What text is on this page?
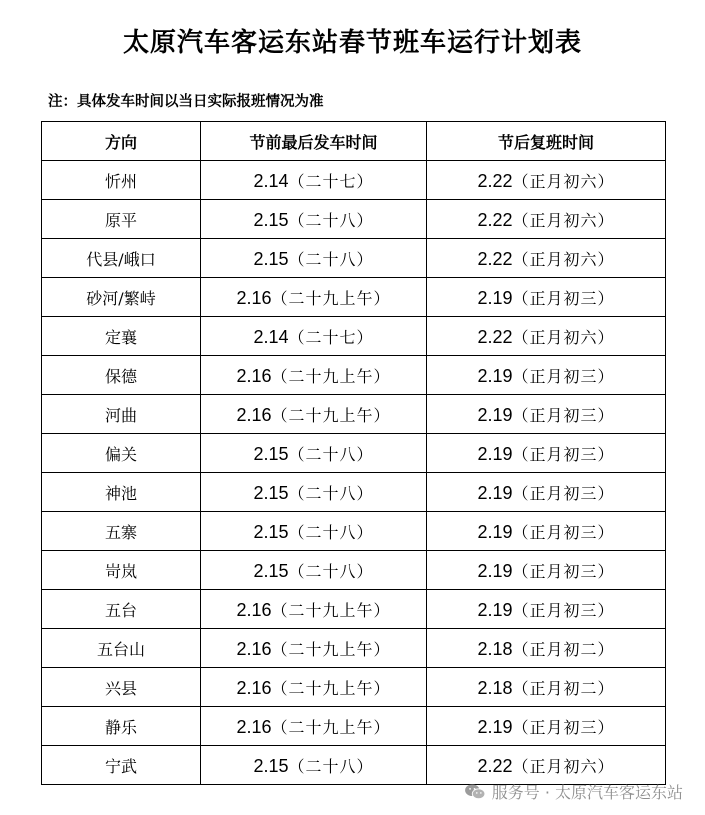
太原汽车客运东站春节班车运行计划表
注：具体发车时间以当日实际报班情况为准
方向	节前最后发车时间	节后复班时间
忻州	2.14（二十七）	2.22（正月初六）
原平	2.15（二十八）	2.22（正月初六）
代县/峨口	2.15（二十八）	2.22（正月初六）
砂河/繁峙	2.16（二十九上午）	2.19（正月初三）
定襄	2.14（二十七）	2.22（正月初六）
保德	2.16（二十九上午）	2.19（正月初三）
河曲	2.16（二十九上午）	2.19（正月初三）
偏关	2.15（二十八）	2.19（正月初三）
神池	2.15（二十八）	2.19（正月初三）
五寨	2.15（二十八）	2.19（正月初三）
岢岚	2.15（二十八）	2.19（正月初三）
五台	2.16（二十九上午）	2.19（正月初三）
五台山	2.16（二十九上午）	2.18（正月初二）
兴县	2.16（二十九上午）	2.18（正月初二）
静乐	2.16（二十九上午）	2.19（正月初三）
宁武	2.15（二十八）	2.22（正月初六）
服务号 · 太原汽车客运东站
